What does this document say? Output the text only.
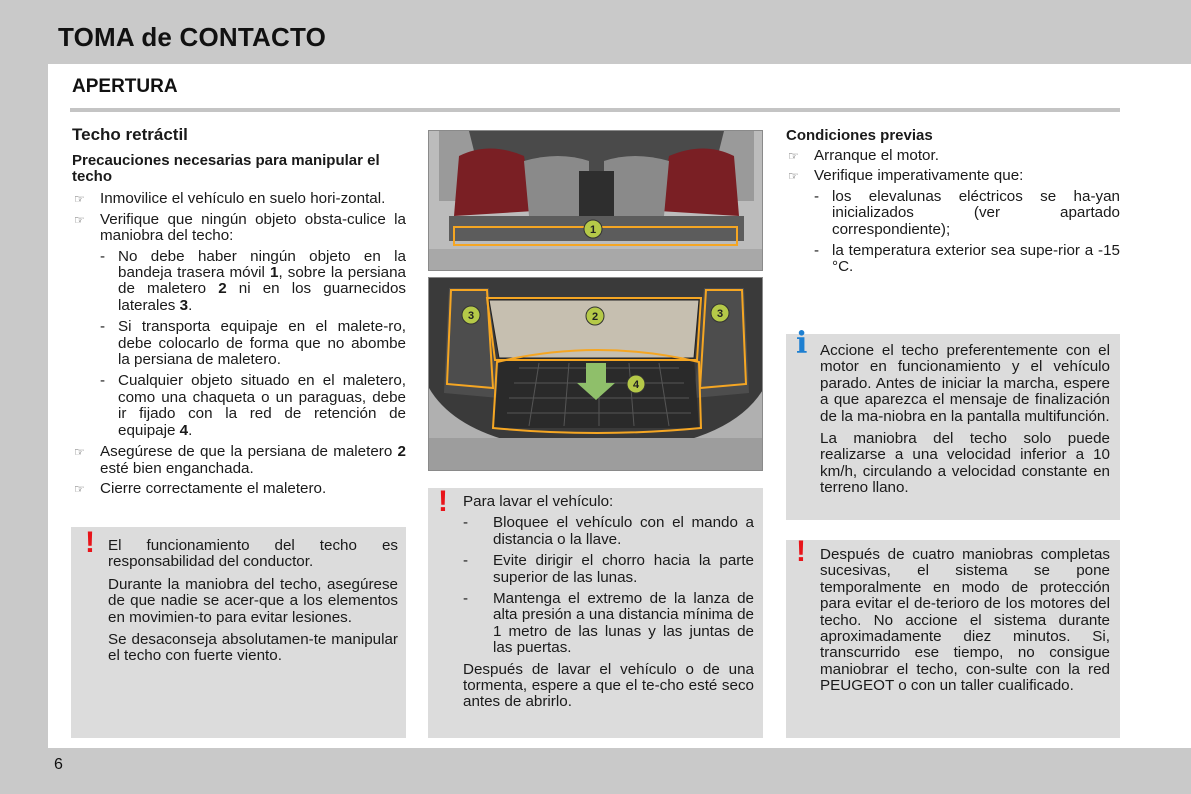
TOMA de CONTACTO
APERTURA
Techo retráctil
Precauciones necesarias para manipular el techo
☞	Inmovilice el vehículo en suelo hori-zontal.
☞	Verifique que ningún objeto obsta-culice la maniobra del techo:
- No debe haber ningún objeto en la bandeja trasera móvil 1, sobre la persiana de maletero 2 ni en los guarnecidos laterales 3.
- Si transporta equipaje en el malete-ro, debe colocarlo de forma que no abombe la persiana de maletero.
- Cualquier objeto situado en el maletero, como una chaqueta o un paraguas, debe ir fijado con la red de retención de equipaje 4.
☞	Asegúrese de que la persiana de maletero 2 esté bien enganchada.
☞	Cierre correctamente el maletero.
! El funcionamiento del techo es responsabilidad del conductor.

Durante la maniobra del techo, asegúrese de que nadie se acer-que a los elementos en movimien-to para evitar lesiones.

Se desaconseja absolutamen-te manipular el techo con fuerte viento.

1
3	2	3
4
! Para lavar el vehículo:

-	Bloquee el vehículo con el mando a distancia o la llave.
-	Evite dirigir el chorro hacia la parte superior de las lunas.
-	Mantenga el extremo de la lanza de alta presión a una distancia mínima de 1 metro de las lunas y las juntas de las puertas.

Después de lavar el vehículo o de una tormenta, espere a que el te-cho esté seco antes de abrirlo.

Condiciones previas
☞	Arranque el motor.
☞	Verifique imperativamente que:
- los elevalunas eléctricos se ha-yan inicializados (ver apartado correspondiente);
- la temperatura exterior sea supe-rior a -15 °C.
i Accione el techo preferentemente con el motor en funcionamiento y el vehículo parado. Antes de iniciar la marcha, espere a que aparezca el mensaje de finalización de la ma-niobra en la pantalla multifunción.

La maniobra del techo solo puede realizarse a una velocidad inferior a 10 km/h, circulando a velocidad constante en terreno llano.

! Después de cuatro maniobras completas sucesivas, el sistema se pone temporalmente en modo de protección para evitar el de-terioro de los motores del techo. No accione el sistema durante aproximadamente diez minutos. Si, transcurrido ese tiempo, no consigue maniobrar el techo, con-sulte con la red PEUGEOT o con un taller cualificado.

6
